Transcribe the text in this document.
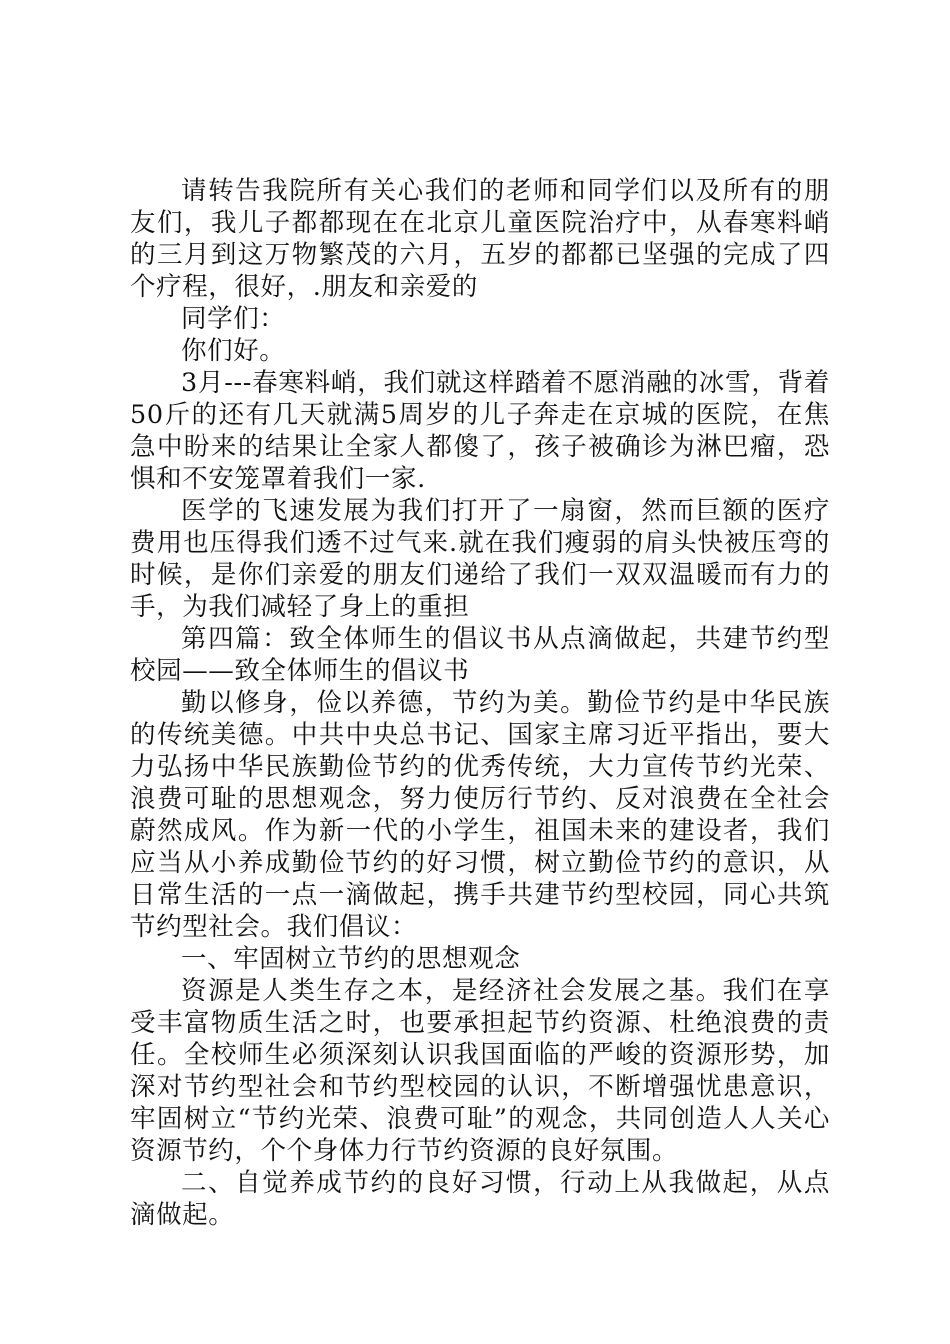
请转告我院所有关心我们的老师和同学们以及所有的朋友们，我儿子都都现在在北京儿童医院治疗中，从春寒料峭的三月到这万物繁茂的六月，五岁的都都已坚强的完成了四个疗程，很好，.朋友和亲爱的

同学们：

你们好。

3月---春寒料峭，我们就这样踏着不愿消融的冰雪，背着50斤的还有几天就满5周岁的儿子奔走在京城的医院，在焦急中盼来的结果让全家人都傻了，孩子被确诊为淋巴瘤，恐惧和不安笼罩着我们一家.

医学的飞速发展为我们打开了一扇窗，然而巨额的医疗费用也压得我们透不过气来.就在我们瘦弱的肩头快被压弯的时候，是你们亲爱的朋友们递给了我们一双双温暖而有力的手，为我们减轻了身上的重担

第四篇：致全体师生的倡议书从点滴做起，共建节约型校园——致全体师生的倡议书

勤以修身，俭以养德，节约为美。勤俭节约是中华民族的传统美德。中共中央总书记、国家主席习近平指出，要大力弘扬中华民族勤俭节约的优秀传统，大力宣传节约光荣、浪费可耻的思想观念，努力使厉行节约、反对浪费在全社会蔚然成风。作为新一代的小学生，祖国未来的建设者，我们应当从小养成勤俭节约的好习惯，树立勤俭节约的意识，从日常生活的一点一滴做起，携手共建节约型校园，同心共筑节约型社会。我们倡议：

一、牢固树立节约的思想观念

资源是人类生存之本，是经济社会发展之基。我们在享受丰富物质生活之时，也要承担起节约资源、杜绝浪费的责任。全校师生必须深刻认识我国面临的严峻的资源形势，加深对节约型社会和节约型校园的认识，不断增强忧患意识，牢固树立“节约光荣、浪费可耻”的观念，共同创造人人关心资源节约，个个身体力行节约资源的良好氛围。

二、自觉养成节约的良好习惯，行动上从我做起，从点滴做起。
